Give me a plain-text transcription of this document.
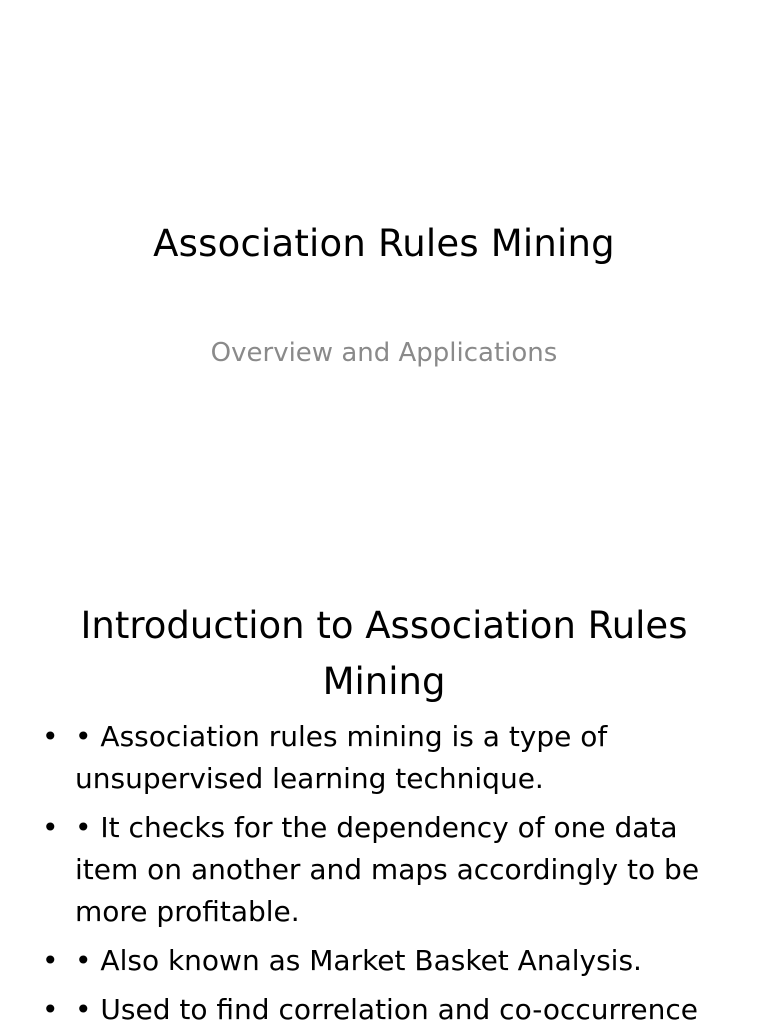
Association Rules Mining

Overview and Applications

Introduction to Association Rules Mining
• • Association rules mining is a type of unsupervised learning technique.
• • It checks for the dependency of one data item on another and maps accordingly to be more profitable.
• • Also known as Market Basket Analysis.
• • Used to find correlation and co-occurrence
